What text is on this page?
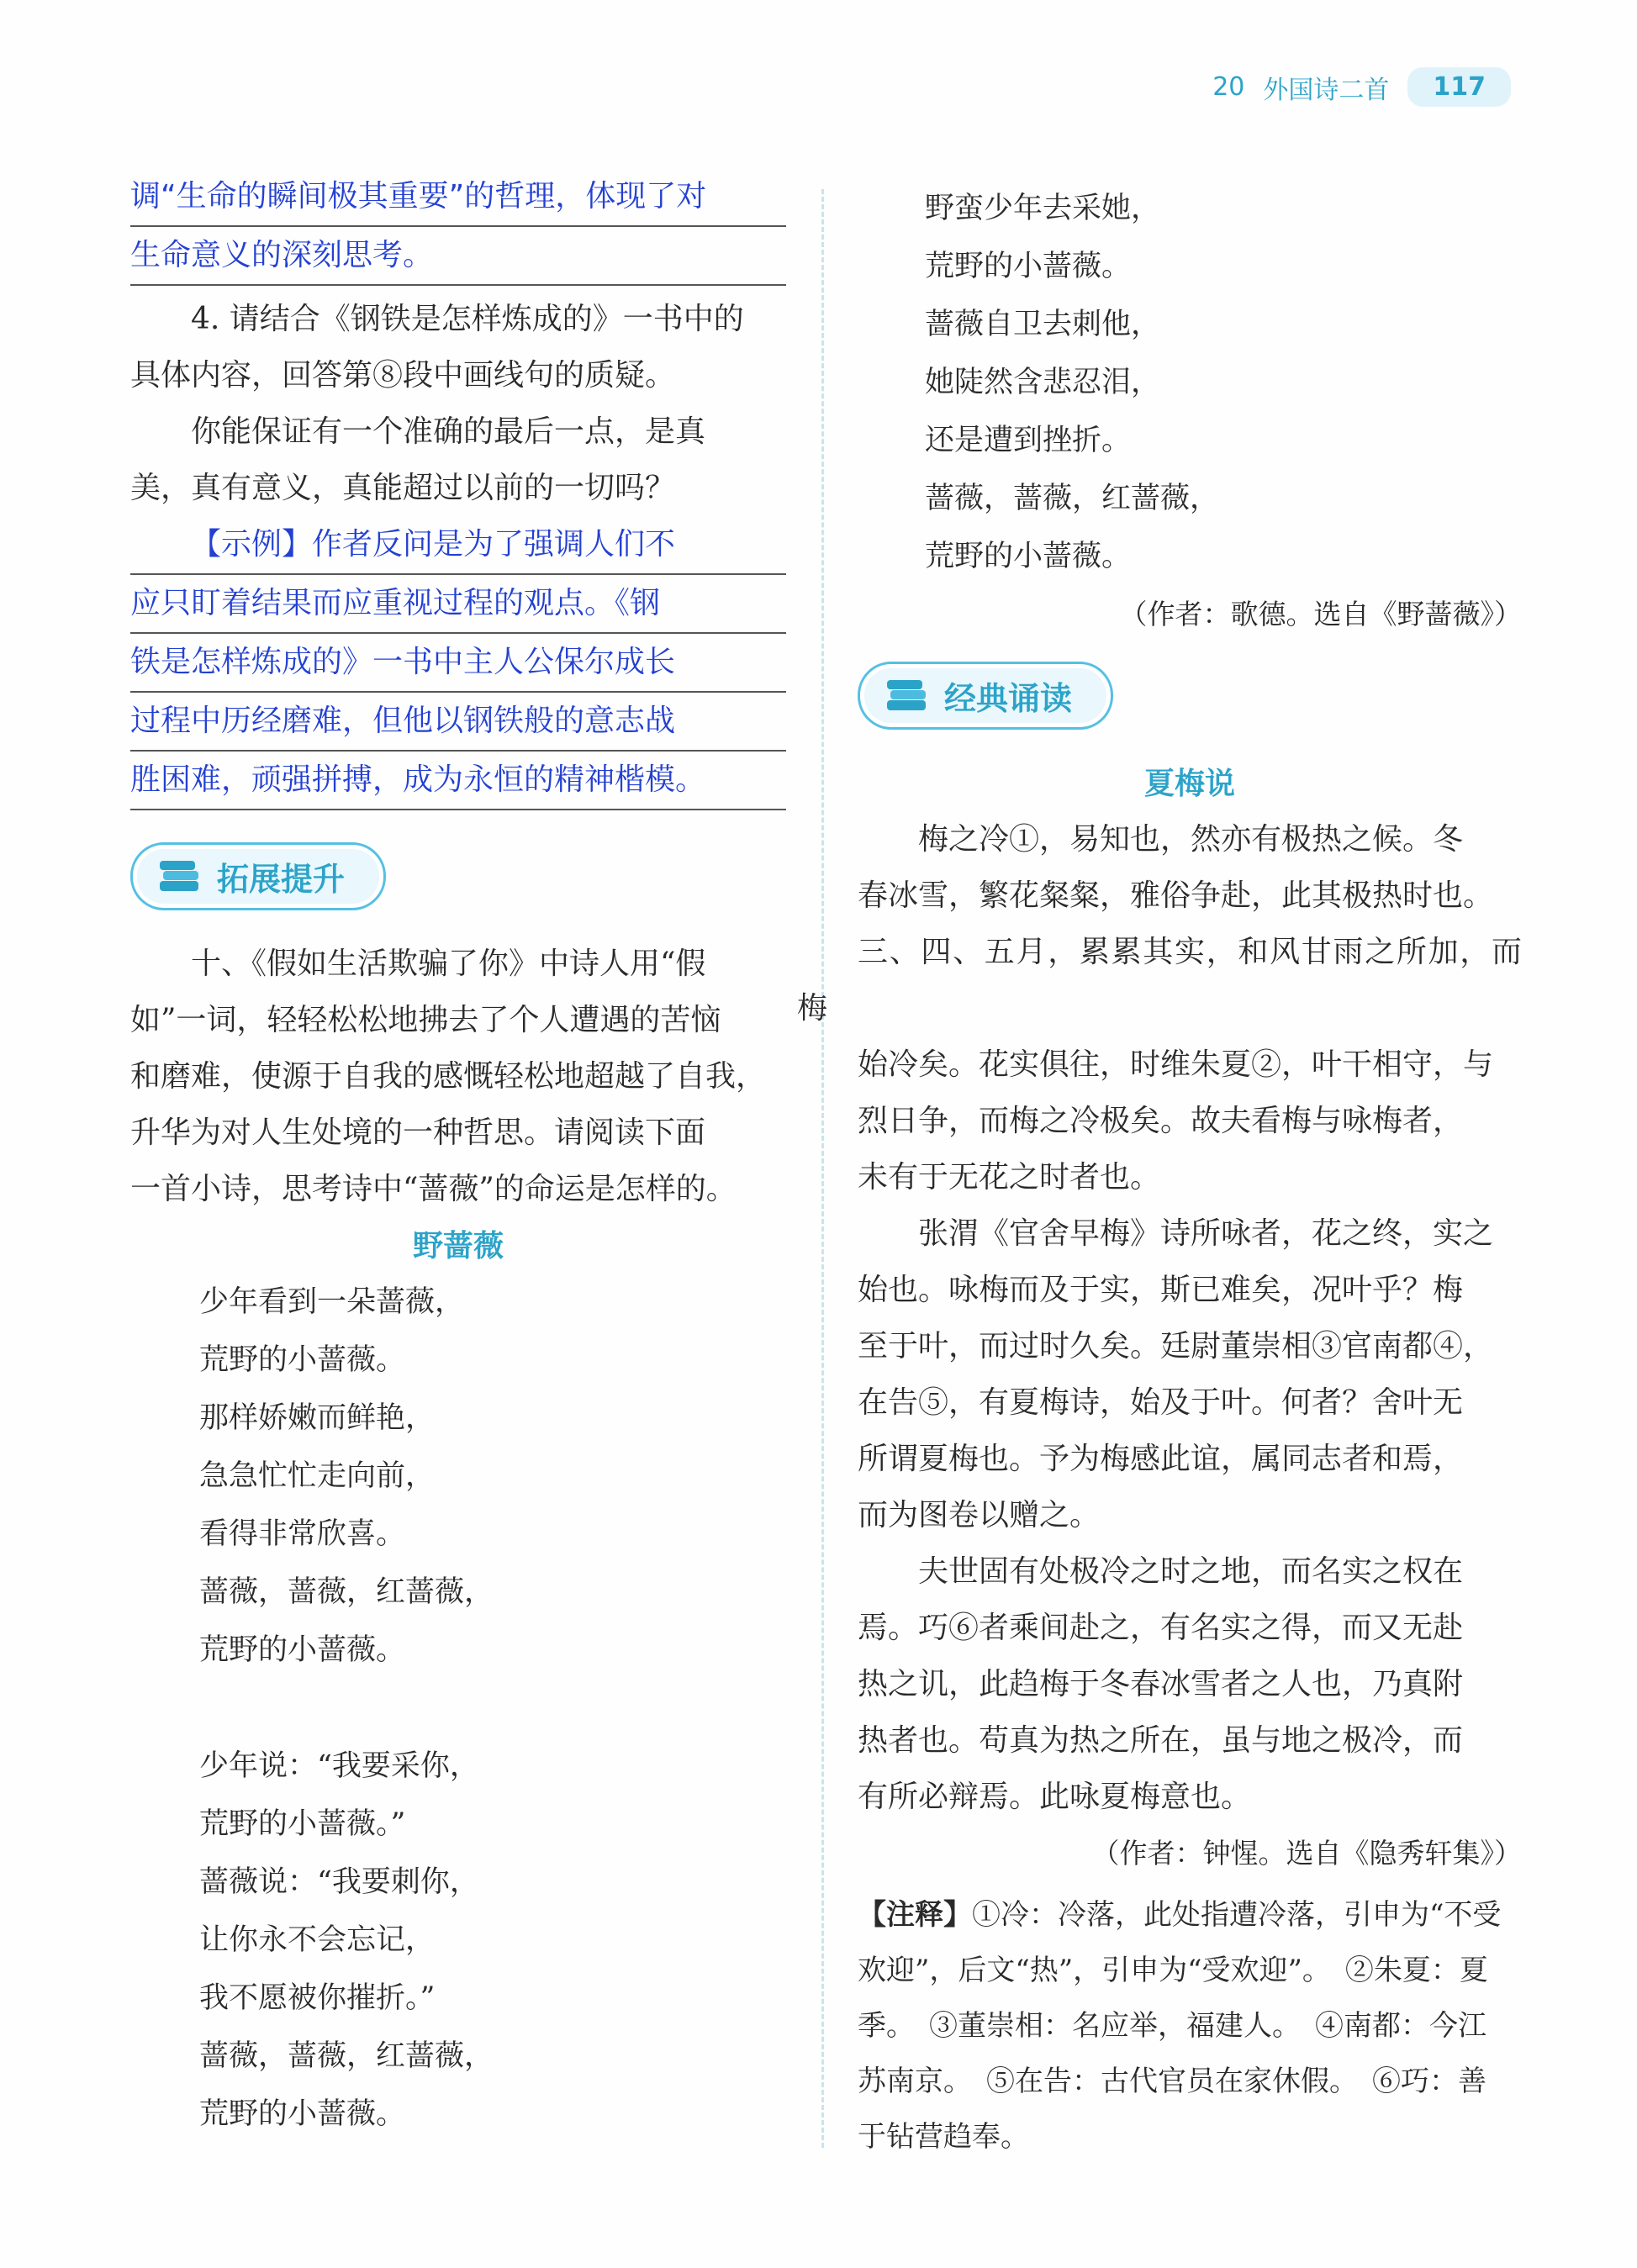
20 外国诗二首	117
调“生命的瞬间极其重要”的哲理，体现了对
生命意义的深刻思考。

4. 请结合《钢铁是怎样炼成的》一书中的
具体内容，回答第⑧段中画线句的质疑。

你能保证有一个准确的最后一点，是真
美，真有意义，真能超过以前的一切吗？

【示例】作者反问是为了强调人们不
应只盯着结果而应重视过程的观点。《钢
铁是怎样炼成的》一书中主人公保尔成长
过程中历经磨难，但他以钢铁般的意志战
胜困难，顽强拼搏，成为永恒的精神楷模。
拓展提升

十、《假如生活欺骗了你》中诗人用“假
如”一词，轻轻松松地拂去了个人遭遇的苦恼
和磨难，使源于自我的感慨轻松地超越了自我，
升华为对人生处境的一种哲思。请阅读下面
一首小诗，思考诗中“蔷薇”的命运是怎样的。

野蔷薇
少年看到一朵蔷薇，
荒野的小蔷薇。
那样娇嫩而鲜艳，
急急忙忙走向前，
看得非常欣喜。
蔷薇，蔷薇，红蔷薇，
荒野的小蔷薇。
少年说：“我要采你，
荒野的小蔷薇。”
蔷薇说：“我要刺你，
让你永不会忘记，
我不愿被你摧折。”
蔷薇，蔷薇，红蔷薇，
荒野的小蔷薇。
野蛮少年去采她，
荒野的小蔷薇。
蔷薇自卫去刺他，
她陡然含悲忍泪，
还是遭到挫折。
蔷薇，蔷薇，红蔷薇，
荒野的小蔷薇。

（作者：歌德。选自《野蔷薇》）

经典诵读
夏梅说

梅之冷①，易知也，然亦有极热之候。冬
春冰雪，繁花粲粲，雅俗争赴，此其极热时也。
三、四、五月，累累其实，和风甘雨之所加，而梅
始冷矣。花实俱往，时维朱夏②，叶干相守，与
烈日争，而梅之冷极矣。故夫看梅与咏梅者，
未有于无花之时者也。

张渭《官舍早梅》诗所咏者，花之终，实之
始也。咏梅而及于实，斯已难矣，况叶乎？梅
至于叶，而过时久矣。廷尉董崇相③官南都④，
在告⑤，有夏梅诗，始及于叶。何者？舍叶无
所谓夏梅也。予为梅感此谊，属同志者和焉，
而为图卷以赠之。

夫世固有处极冷之时之地，而名实之权在
焉。巧⑥者乘间赴之，有名实之得，而又无赴
热之讥，此趋梅于冬春冰雪者之人也，乃真附
热者也。苟真为热之所在，虽与地之极冷，而
有所必辩焉。此咏夏梅意也。

（作者：钟惺。选自《隐秀轩集》）

【注释】①冷：冷落，此处指遭冷落，引申为“不受
欢迎”，后文“热”，引申为“受欢迎”。　②朱夏：夏
季。　③董崇相：名应举，福建人。　④南都：今江
苏南京。　⑤在告：古代官员在家休假。　⑥巧：善
于钻营趋奉。
